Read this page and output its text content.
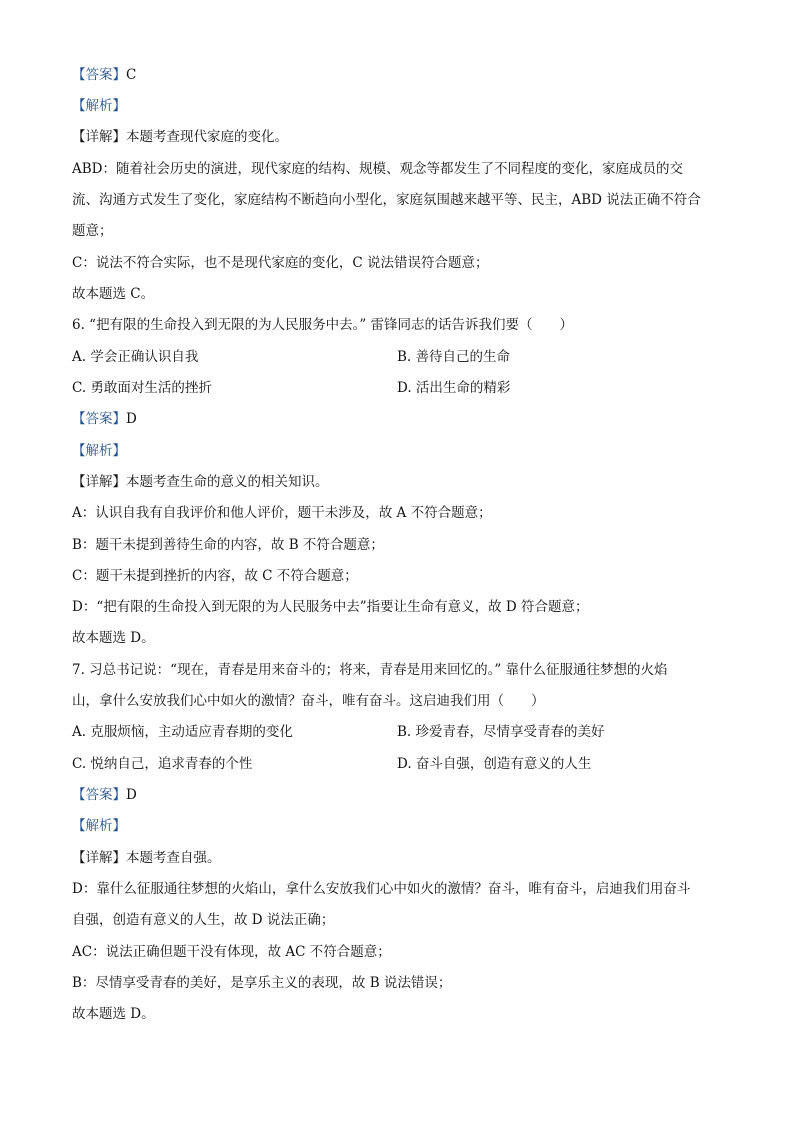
【答案】C
【解析】
【详解】本题考查现代家庭的变化。
ABD：随着社会历史的演进，现代家庭的结构、规模、观念等都发生了不同程度的变化，家庭成员的交
流、沟通方式发生了变化，家庭结构不断趋向小型化，家庭氛围越来越平等、民主，ABD 说法正确不符合
题意；
C：说法不符合实际，也不是现代家庭的变化，C 说法错误符合题意；
故本题选 C。
6. “把有限的生命投入到无限的为人民服务中去。” 雷锋同志的话告诉我们要（　　）
A. 学会正确认识自我	B. 善待自己的生命
C. 勇敢面对生活的挫折	D. 活出生命的精彩
【答案】D
【解析】
【详解】本题考查生命的意义的相关知识。
A：认识自我有自我评价和他人评价，题干未涉及，故 A 不符合题意；
B：题干未提到善待生命的内容，故 B 不符合题意；
C：题干未提到挫折的内容，故 C 不符合题意；
D：“把有限的生命投入到无限的为人民服务中去”指要让生命有意义，故 D 符合题意；
故本题选 D。
7. 习总书记说：“现在，青春是用来奋斗的；将来，青春是用来回忆的。” 靠什么征服通往梦想的火焰
山，拿什么安放我们心中如火的激情？奋斗，唯有奋斗。这启迪我们用（　　）
A. 克服烦恼，主动适应青春期的变化	B. 珍爱青春，尽情享受青春的美好
C. 悦纳自己，追求青春的个性	D. 奋斗自强，创造有意义的人生
【答案】D
【解析】
【详解】本题考查自强。
D：靠什么征服通往梦想的火焰山，拿什么安放我们心中如火的激情？奋斗，唯有奋斗，启迪我们用奋斗
自强，创造有意义的人生，故 D 说法正确；
AC：说法正确但题干没有体现，故 AC 不符合题意；
B：尽情享受青春的美好，是享乐主义的表现，故 B 说法错误；
故本题选 D。
